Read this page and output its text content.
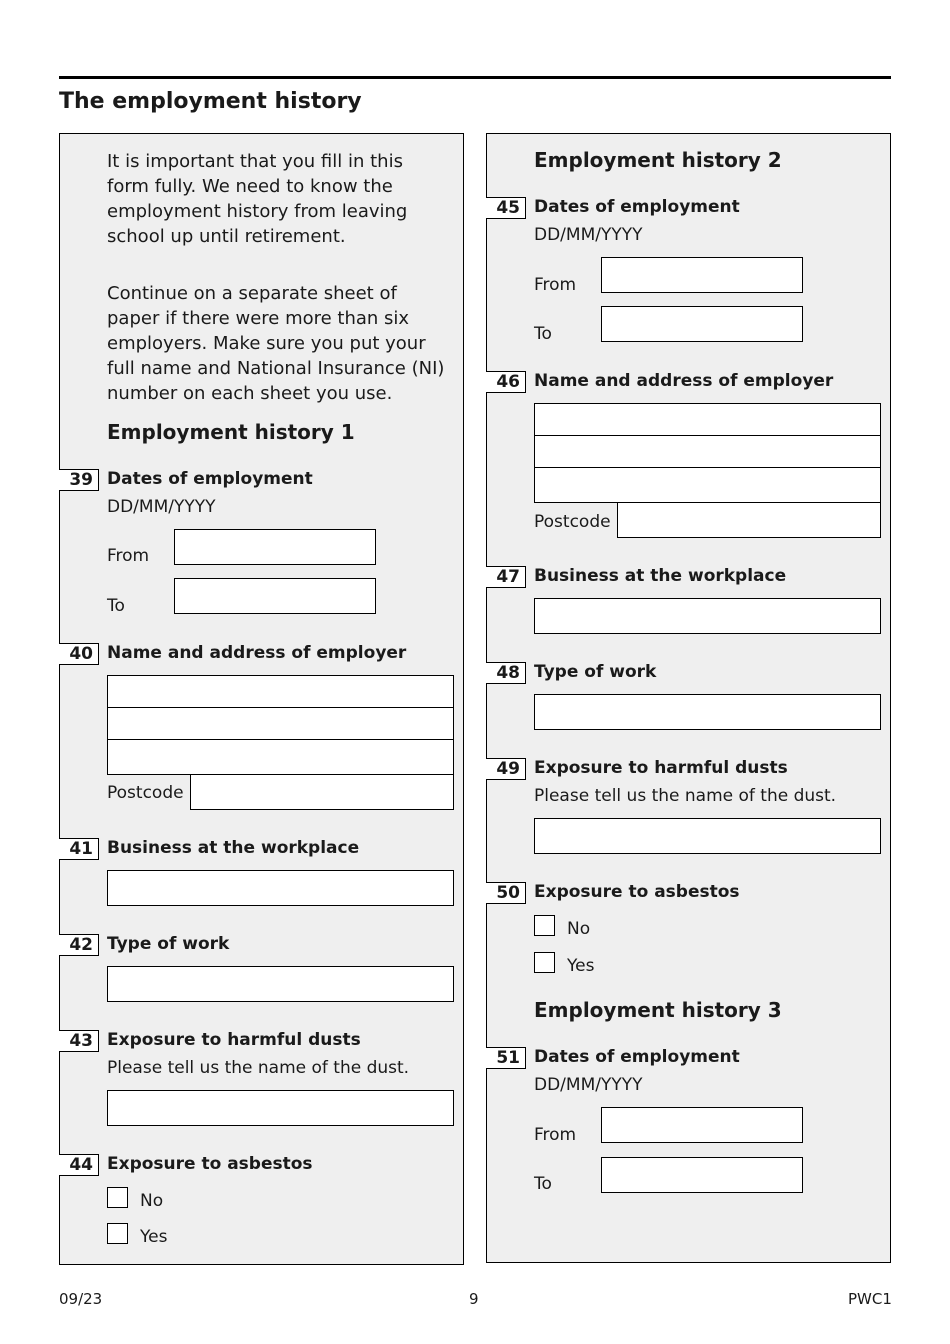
The employment history
It is important that you fill in this
form fully. We need to know the
employment history from leaving
school up until retirement.
Continue on a separate sheet of
paper if there were more than six
employers. Make sure you put your
full name and National Insurance (NI)
number on each sheet you use.
Employment history 1
39 Dates of employment
DD/MM/YYYY
From
To
40 Name and address of employer
Postcode
41 Business at the workplace
42 Type of work
43 Exposure to harmful dusts
Please tell us the name of the dust.
44 Exposure to asbestos
No
Yes
Employment history 2
45 Dates of employment
DD/MM/YYYY
From
To
46 Name and address of employer
Postcode
47 Business at the workplace
48 Type of work
49 Exposure to harmful dusts
Please tell us the name of the dust.
50 Exposure to asbestos
No
Yes
Employment history 3
51 Dates of employment
DD/MM/YYYY
From
To
09/23	9	PWC1
